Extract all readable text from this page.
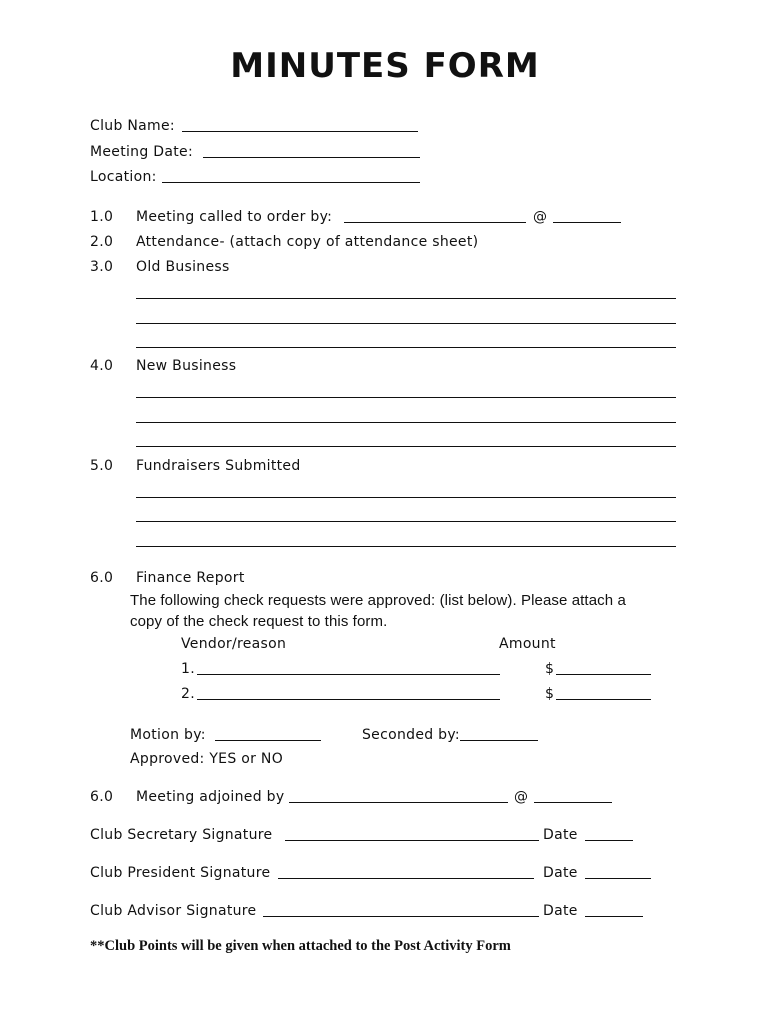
MINUTES FORM
Club Name:
Meeting Date:
Location:
1.0 Meeting called to order by:	@
2.0 Attendance- (attach copy of attendance sheet)
3.0 Old Business
4.0 New Business
5.0 Fundraisers Submitted
6.0 Finance Report
The following check requests were approved: (list below). Please attach a
copy of the check request to this form.
Vendor/reason	Amount
1.	$
2.	$
Motion by:	Seconded by:
Approved: YES or NO
6.0 Meeting adjoined by	@
Club Secretary Signature	Date
Club President Signature	Date
Club Advisor Signature	Date
**Club Points will be given when attached to the Post Activity Form
